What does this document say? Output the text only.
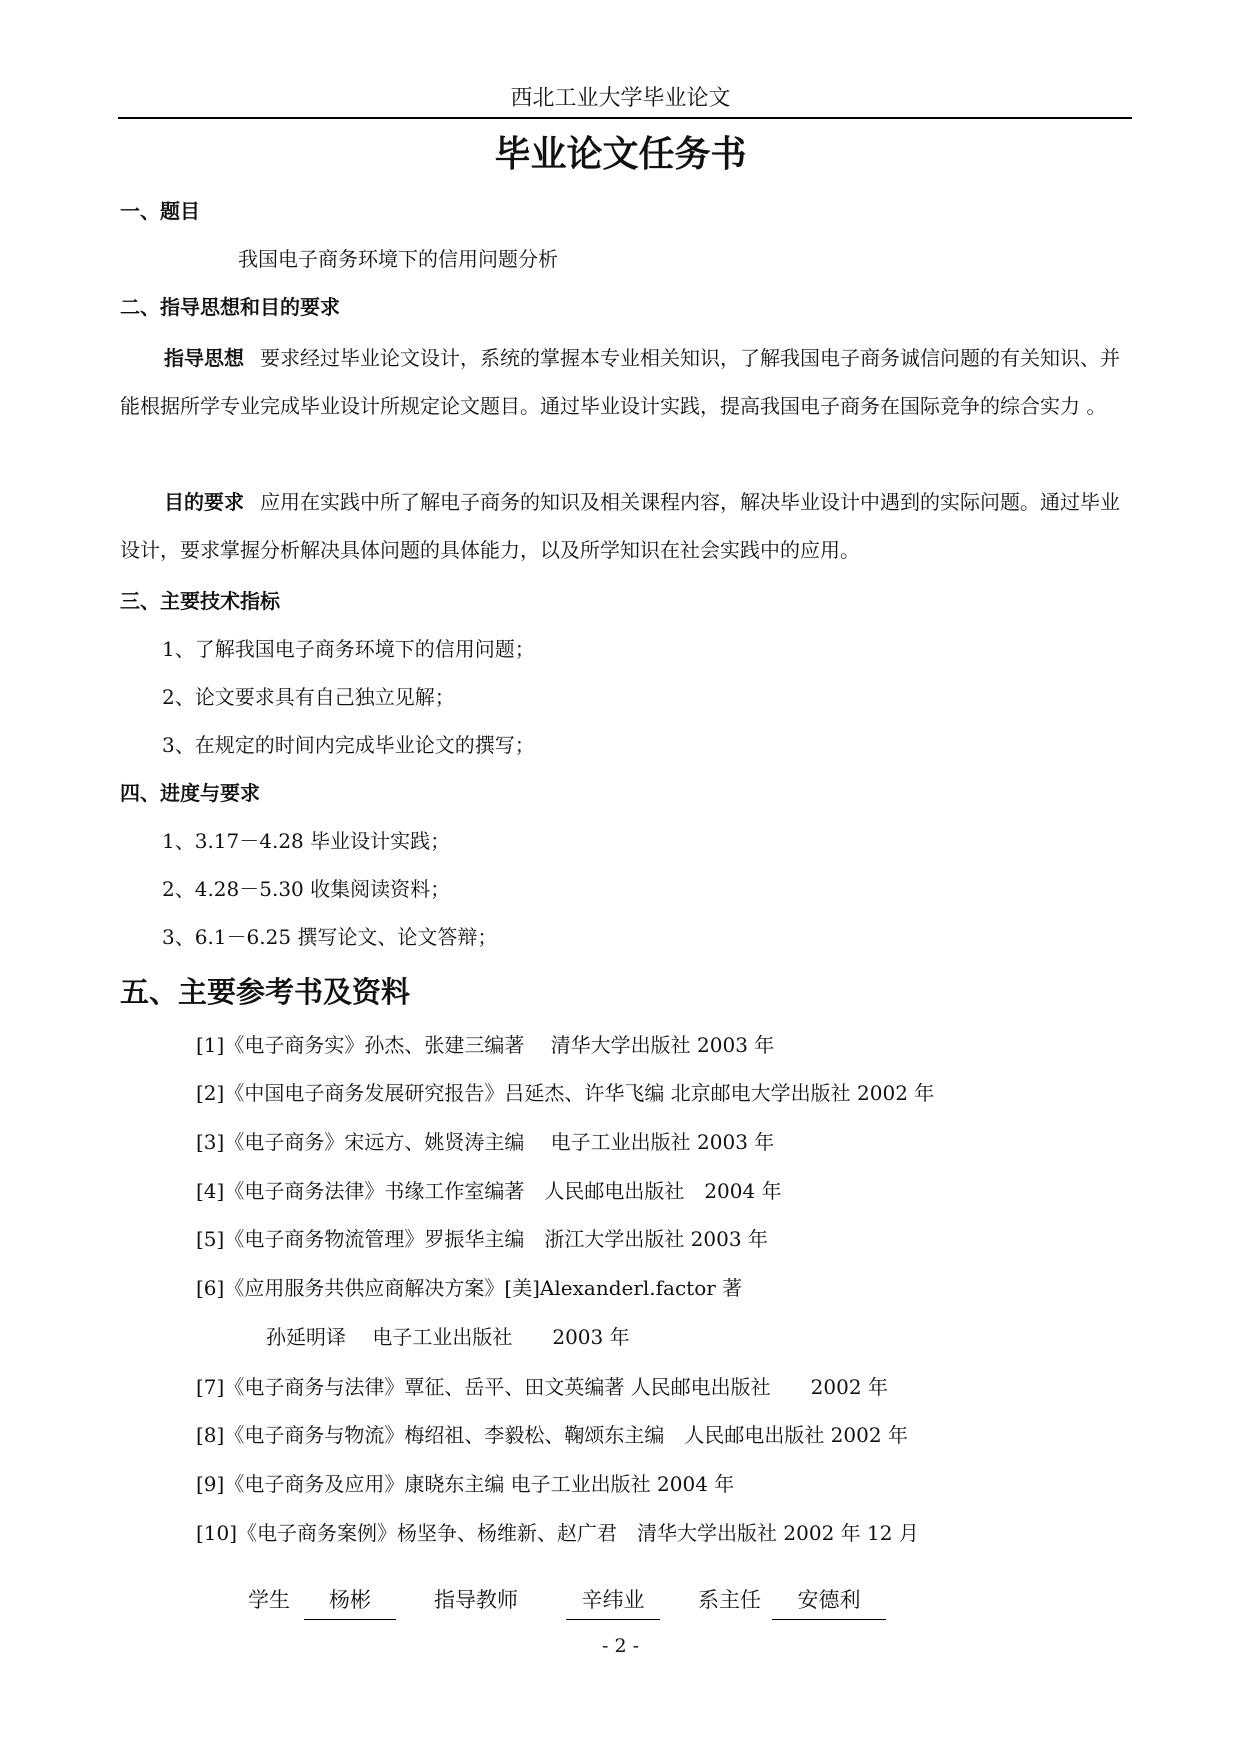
西北工业大学毕业论文
毕业论文任务书
一、题目
我国电子商务环境下的信用问题分析
二、指导思想和目的要求

指导思想 要求经过毕业论文设计，系统的掌握本专业相关知识，了解我国电子商务诚信问题的有关知识、并能根据所学专业完成毕业设计所规定论文题目。通过毕业设计实践，提高我国电子商务在国际竞争的综合实力 。

目的要求 应用在实践中所了解电子商务的知识及相关课程内容，解决毕业设计中遇到的实际问题。通过毕业设计，要求掌握分析解决具体问题的具体能力，以及所学知识在社会实践中的应用。

三、主要技术指标
1、了解我国电子商务环境下的信用问题；
2、论文要求具有自己独立见解；
3、在规定的时间内完成毕业论文的撰写；
四、进度与要求
1、3.17－4.28 毕业设计实践；
2、4.28－5.30 收集阅读资料；
3、6.1－6.25 撰写论文、论文答辩；
五、主要参考书及资料
[1]《电子商务实》孙杰、张建三编著　 清华大学出版社 2003 年
[2]《中国电子商务发展研究报告》吕延杰、许华飞编 北京邮电大学出版社 2002 年
[3]《电子商务》宋远方、姚贤涛主编　 电子工业出版社 2003 年
[4]《电子商务法律》书缘工作室编著　人民邮电出版社　2004 年
[5]《电子商务物流管理》罗振华主编　浙江大学出版社 2003 年
[6]《应用服务共供应商解决方案》[美]Alexanderl.factor 著
孙延明译　 电子工业出版社　　2003 年
[7]《电子商务与法律》覃征、岳平、田文英编著 人民邮电出版社　　2002 年
[8]《电子商务与物流》梅绍祖、李毅松、鞠颂东主编　人民邮电出版社 2002 年
[9]《电子商务及应用》康晓东主编 电子工业出版社 2004 年
[10]《电子商务案例》杨坚争、杨维新、赵广君　清华大学出版社 2002 年 12 月
学生	杨彬	指导教师	辛纬业	系主任	安德利
- 2 -
